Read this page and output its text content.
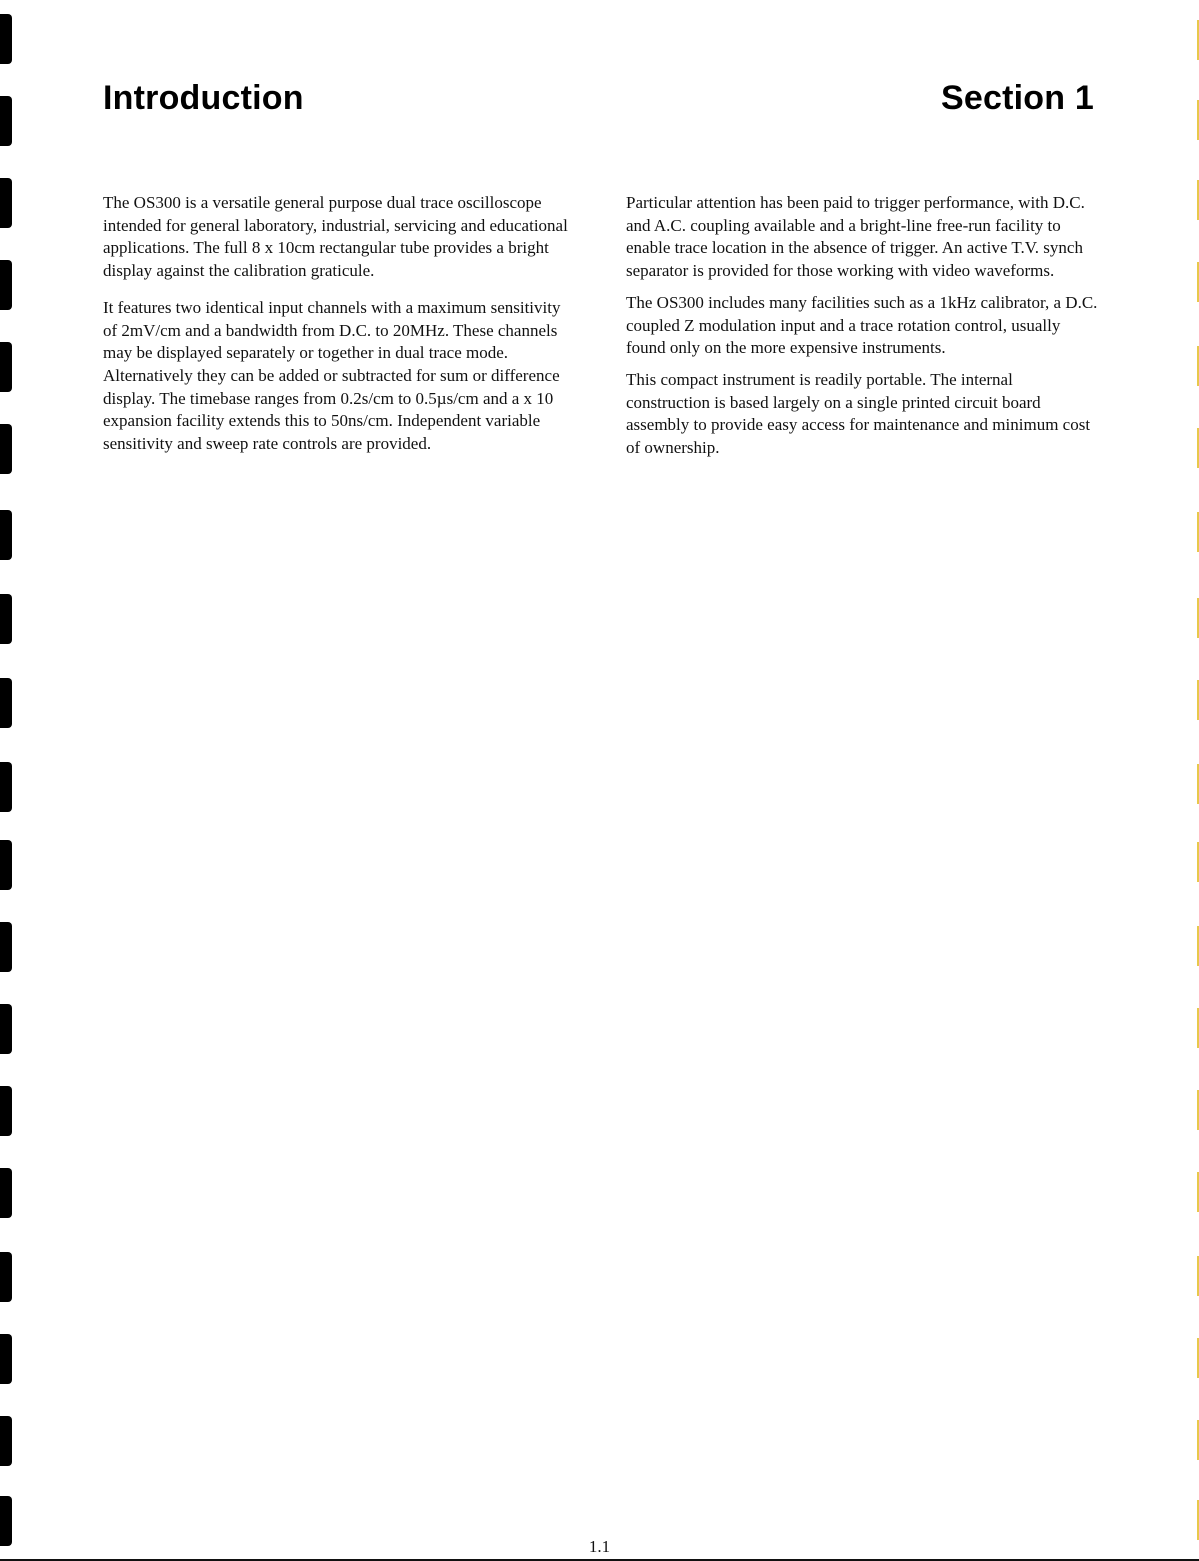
Introduction	Section 1

The OS300 is a versatile general purpose dual trace oscilloscope intended for general laboratory, industrial, servicing and educational applications. The full 8 x 10cm rectangular tube provides a bright display against the calibration graticule.

It features two identical input channels with a maximum sensitivity of 2mV/cm and a bandwidth from D.C. to 20MHz. These channels may be displayed separately or together in dual trace mode. Alternatively they can be added or subtracted for sum or difference display. The timebase ranges from 0.2s/cm to 0.5µs/cm and a x 10 expansion facility extends this to 50ns/cm. Independent variable sensitivity and sweep rate controls are provided.

Particular attention has been paid to trigger performance, with D.C. and A.C. coupling available and a bright-line free-run facility to enable trace location in the absence of trigger. An active T.V. synch separator is provided for those working with video waveforms.

The OS300 includes many facilities such as a 1kHz calibrator, a D.C. coupled Z modulation input and a trace rotation control, usually found only on the more expensive instruments.

This compact instrument is readily portable. The internal construction is based largely on a single printed circuit board assembly to provide easy access for maintenance and minimum cost of ownership.

1.1
